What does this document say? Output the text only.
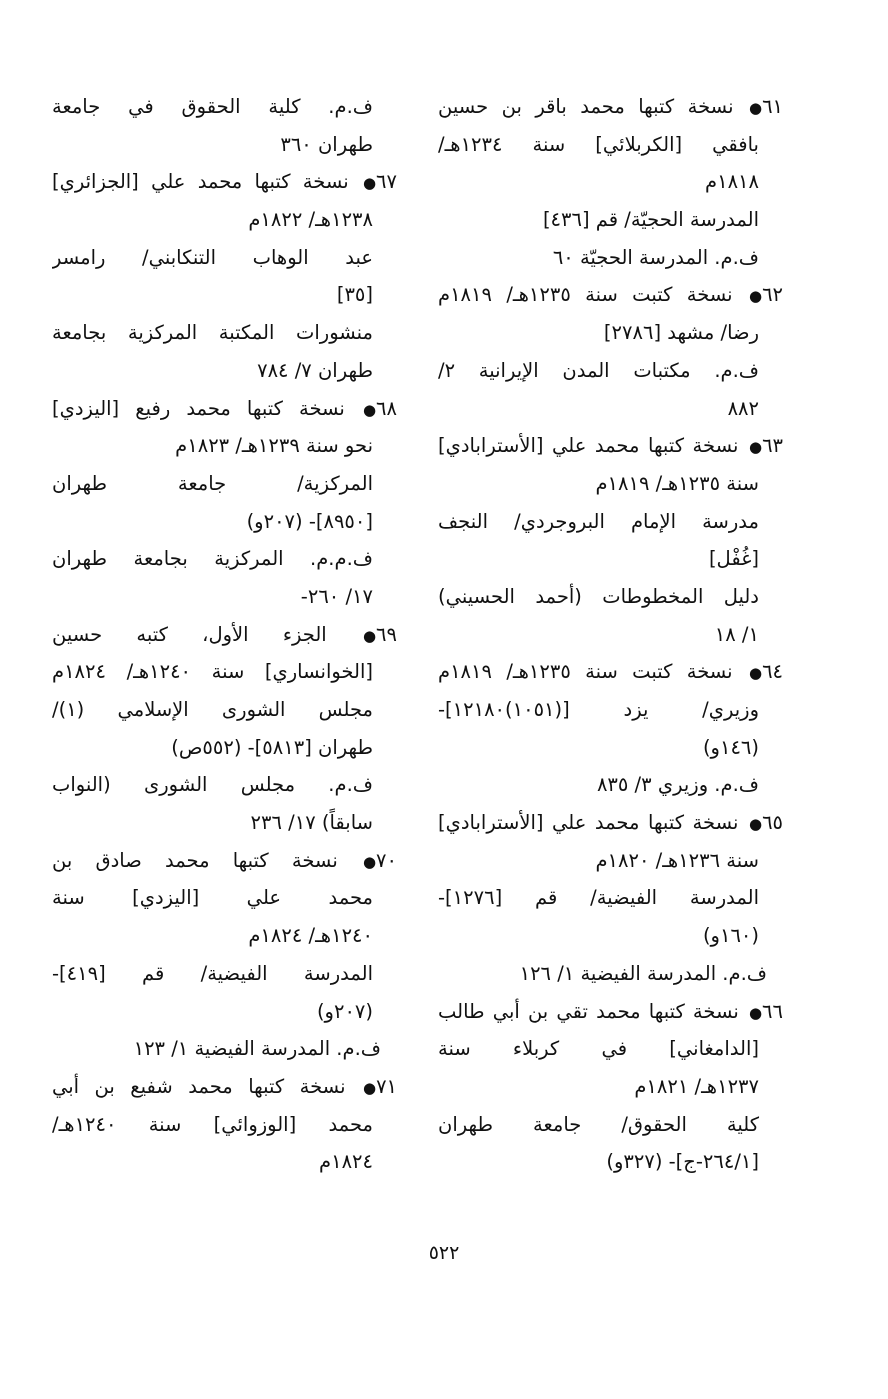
٦١● نسخة كتبها محمد باقر بن حسين
بافقي [الكربلائي] سنة ١٢٣٤هـ/
١٨١٨م
المدرسة الحجيّة/ قم [٤٣٦]
ف.م. المدرسة الحجيّة ٦٠
٦٢● نسخة كتبت سنة ١٢٣٥هـ/ ١٨١٩م
رضا/ مشهد [٢٧٨٦]
ف.م. مكتبات المدن الإيرانية ٢/
٨٨٢
٦٣● نسخة كتبها محمد علي [الأسترابادي]
سنة ١٢٣٥هـ/ ١٨١٩م
مدرسة الإمام البروجردي/ النجف
[غُفْل]
دليل المخطوطات (أحمد الحسيني)
١/ ١٨
٦٤● نسخة كتبت سنة ١٢٣٥هـ/ ١٨١٩م
وزيري/ يزد [(١٠٥١)١٢١٨٠]-
(١٤٦و)
ف.م. وزيري ٣/ ٨٣٥
٦٥● نسخة كتبها محمد علي [الأسترابادي]
سنة ١٢٣٦هـ/ ١٨٢٠م
المدرسة الفيضية/ قم [١٢٧٦]-
(١٦٠و)
ف.م. المدرسة الفيضية ١/ ١٢٦
٦٦● نسخة كتبها محمد تقي بن أبي طالب
[الدامغاني] في كربلاء سنة
١٢٣٧هـ/ ١٨٢١م
كلية الحقوق/ جامعة طهران
[٢٦٤/١-ج]- (٣٢٧و)
ف.م. كلية الحقوق في جامعة
طهران ٣٦٠
٦٧● نسخة كتبها محمد علي [الجزائري]
١٢٣٨هـ/ ١٨٢٢م
عبد الوهاب التنكابني/ رامسر
[٣٥]
منشورات المكتبة المركزية بجامعة
طهران ٧/ ٧٨٤
٦٨● نسخة كتبها محمد رفيع [اليزدي]
نحو سنة ١٢٣٩هـ/ ١٨٢٣م
المركزية/ جامعة طهران
[٨٩٥٠]- (٢٠٧و)
ف.م.م. المركزية بجامعة طهران
١٧/ ٢٦٠-
٦٩● الجزء الأول، كتبه حسين
[الخوانساري] سنة ١٢٤٠هـ/ ١٨٢٤م
مجلس الشورى الإسلامي (١)/
طهران [٥٨١٣]- (٥٥٢ص)
ف.م. مجلس الشورى (النواب
سابقاً) ١٧/ ٢٣٦
٧٠● نسخة كتبها محمد صادق بن
محمد علي [اليزدي] سنة
١٢٤٠هـ/ ١٨٢٤م
المدرسة الفيضية/ قم [٤١٩]-
(٢٠٧و)
ف.م. المدرسة الفيضية ١/ ١٢٣
٧١● نسخة كتبها محمد شفيع بن أبي
محمد [الوزوائي] سنة ١٢٤٠هـ/
١٨٢٤م
٥٢٢
